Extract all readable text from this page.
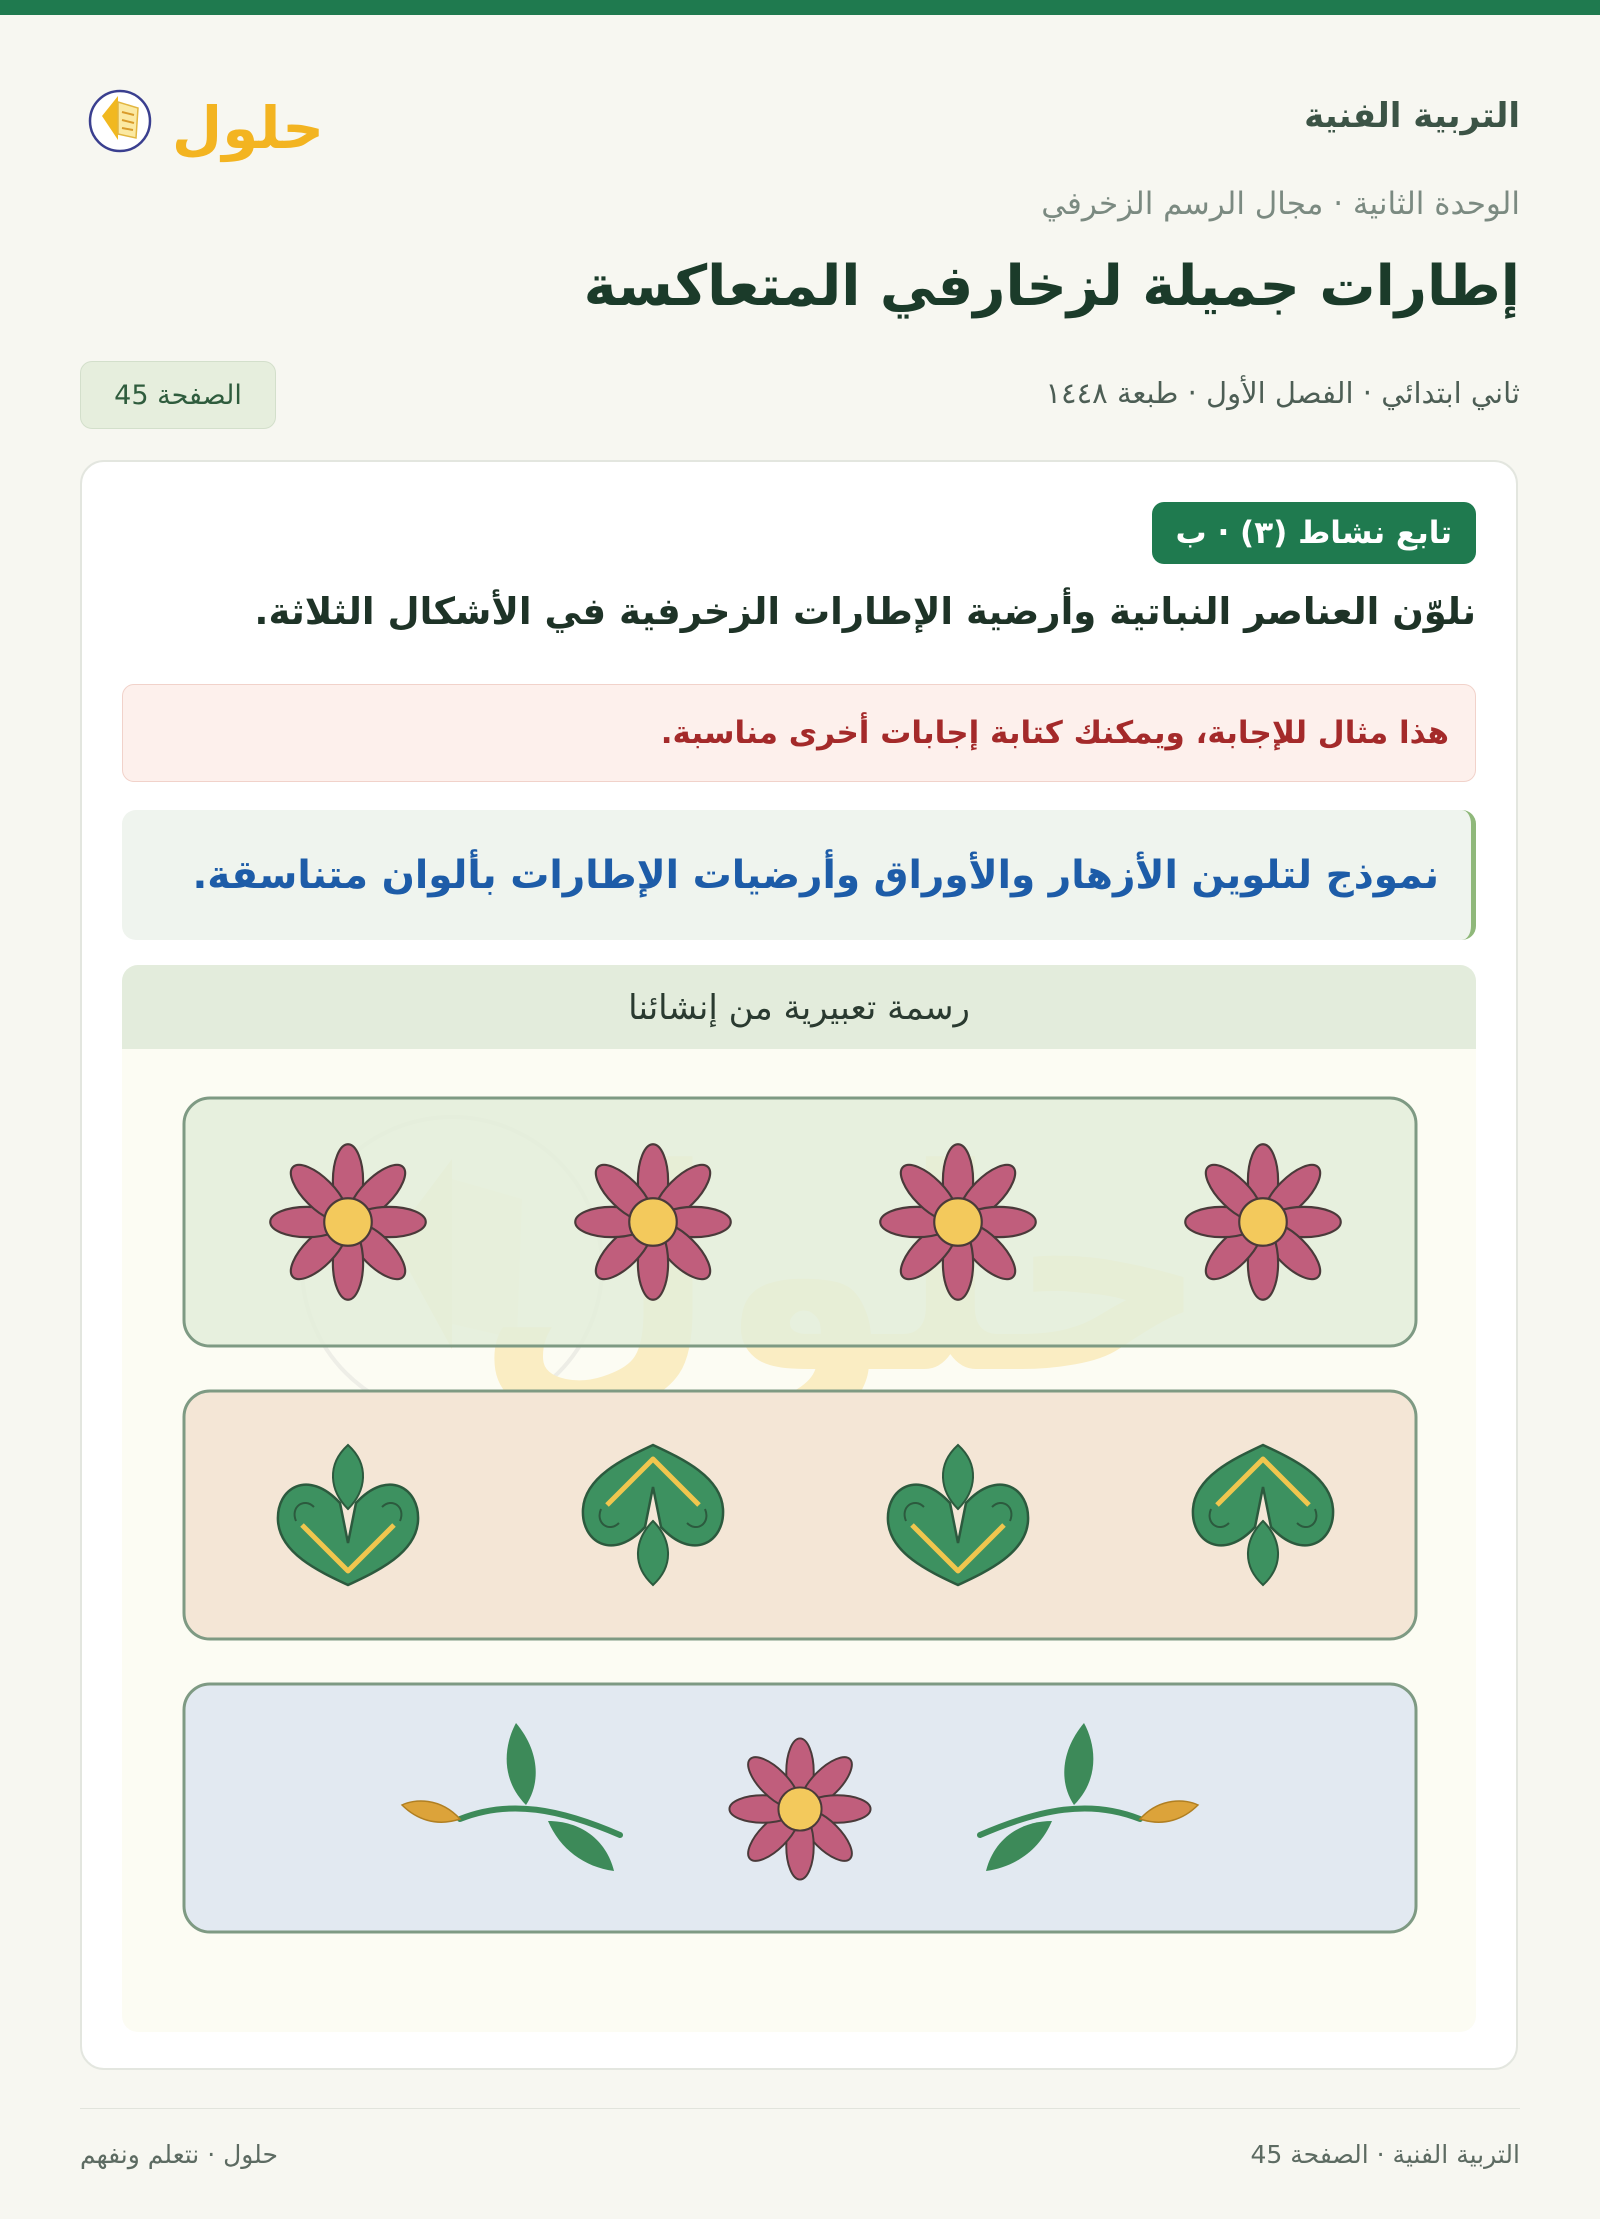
التربية الفنية
حلول
الوحدة الثانية · مجال الرسم الزخرفي
إطارات جميلة لزخارفي المتعاكسة
ثاني ابتدائي · الفصل الأول · طبعة ١٤٤٨
الصفحة 45
تابع نشاط (٣) · ب
نلوّن العناصر النباتية وأرضية الإطارات الزخرفية في الأشكال الثلاثة.
هذا مثال للإجابة، ويمكنك كتابة إجابات أخرى مناسبة.
نموذج لتلوين الأزهار والأوراق وأرضيات الإطارات بألوان متناسقة.
رسمة تعبيرية من إنشائنا
التربية الفنية · الصفحة 45
حلول · نتعلم ونفهم
